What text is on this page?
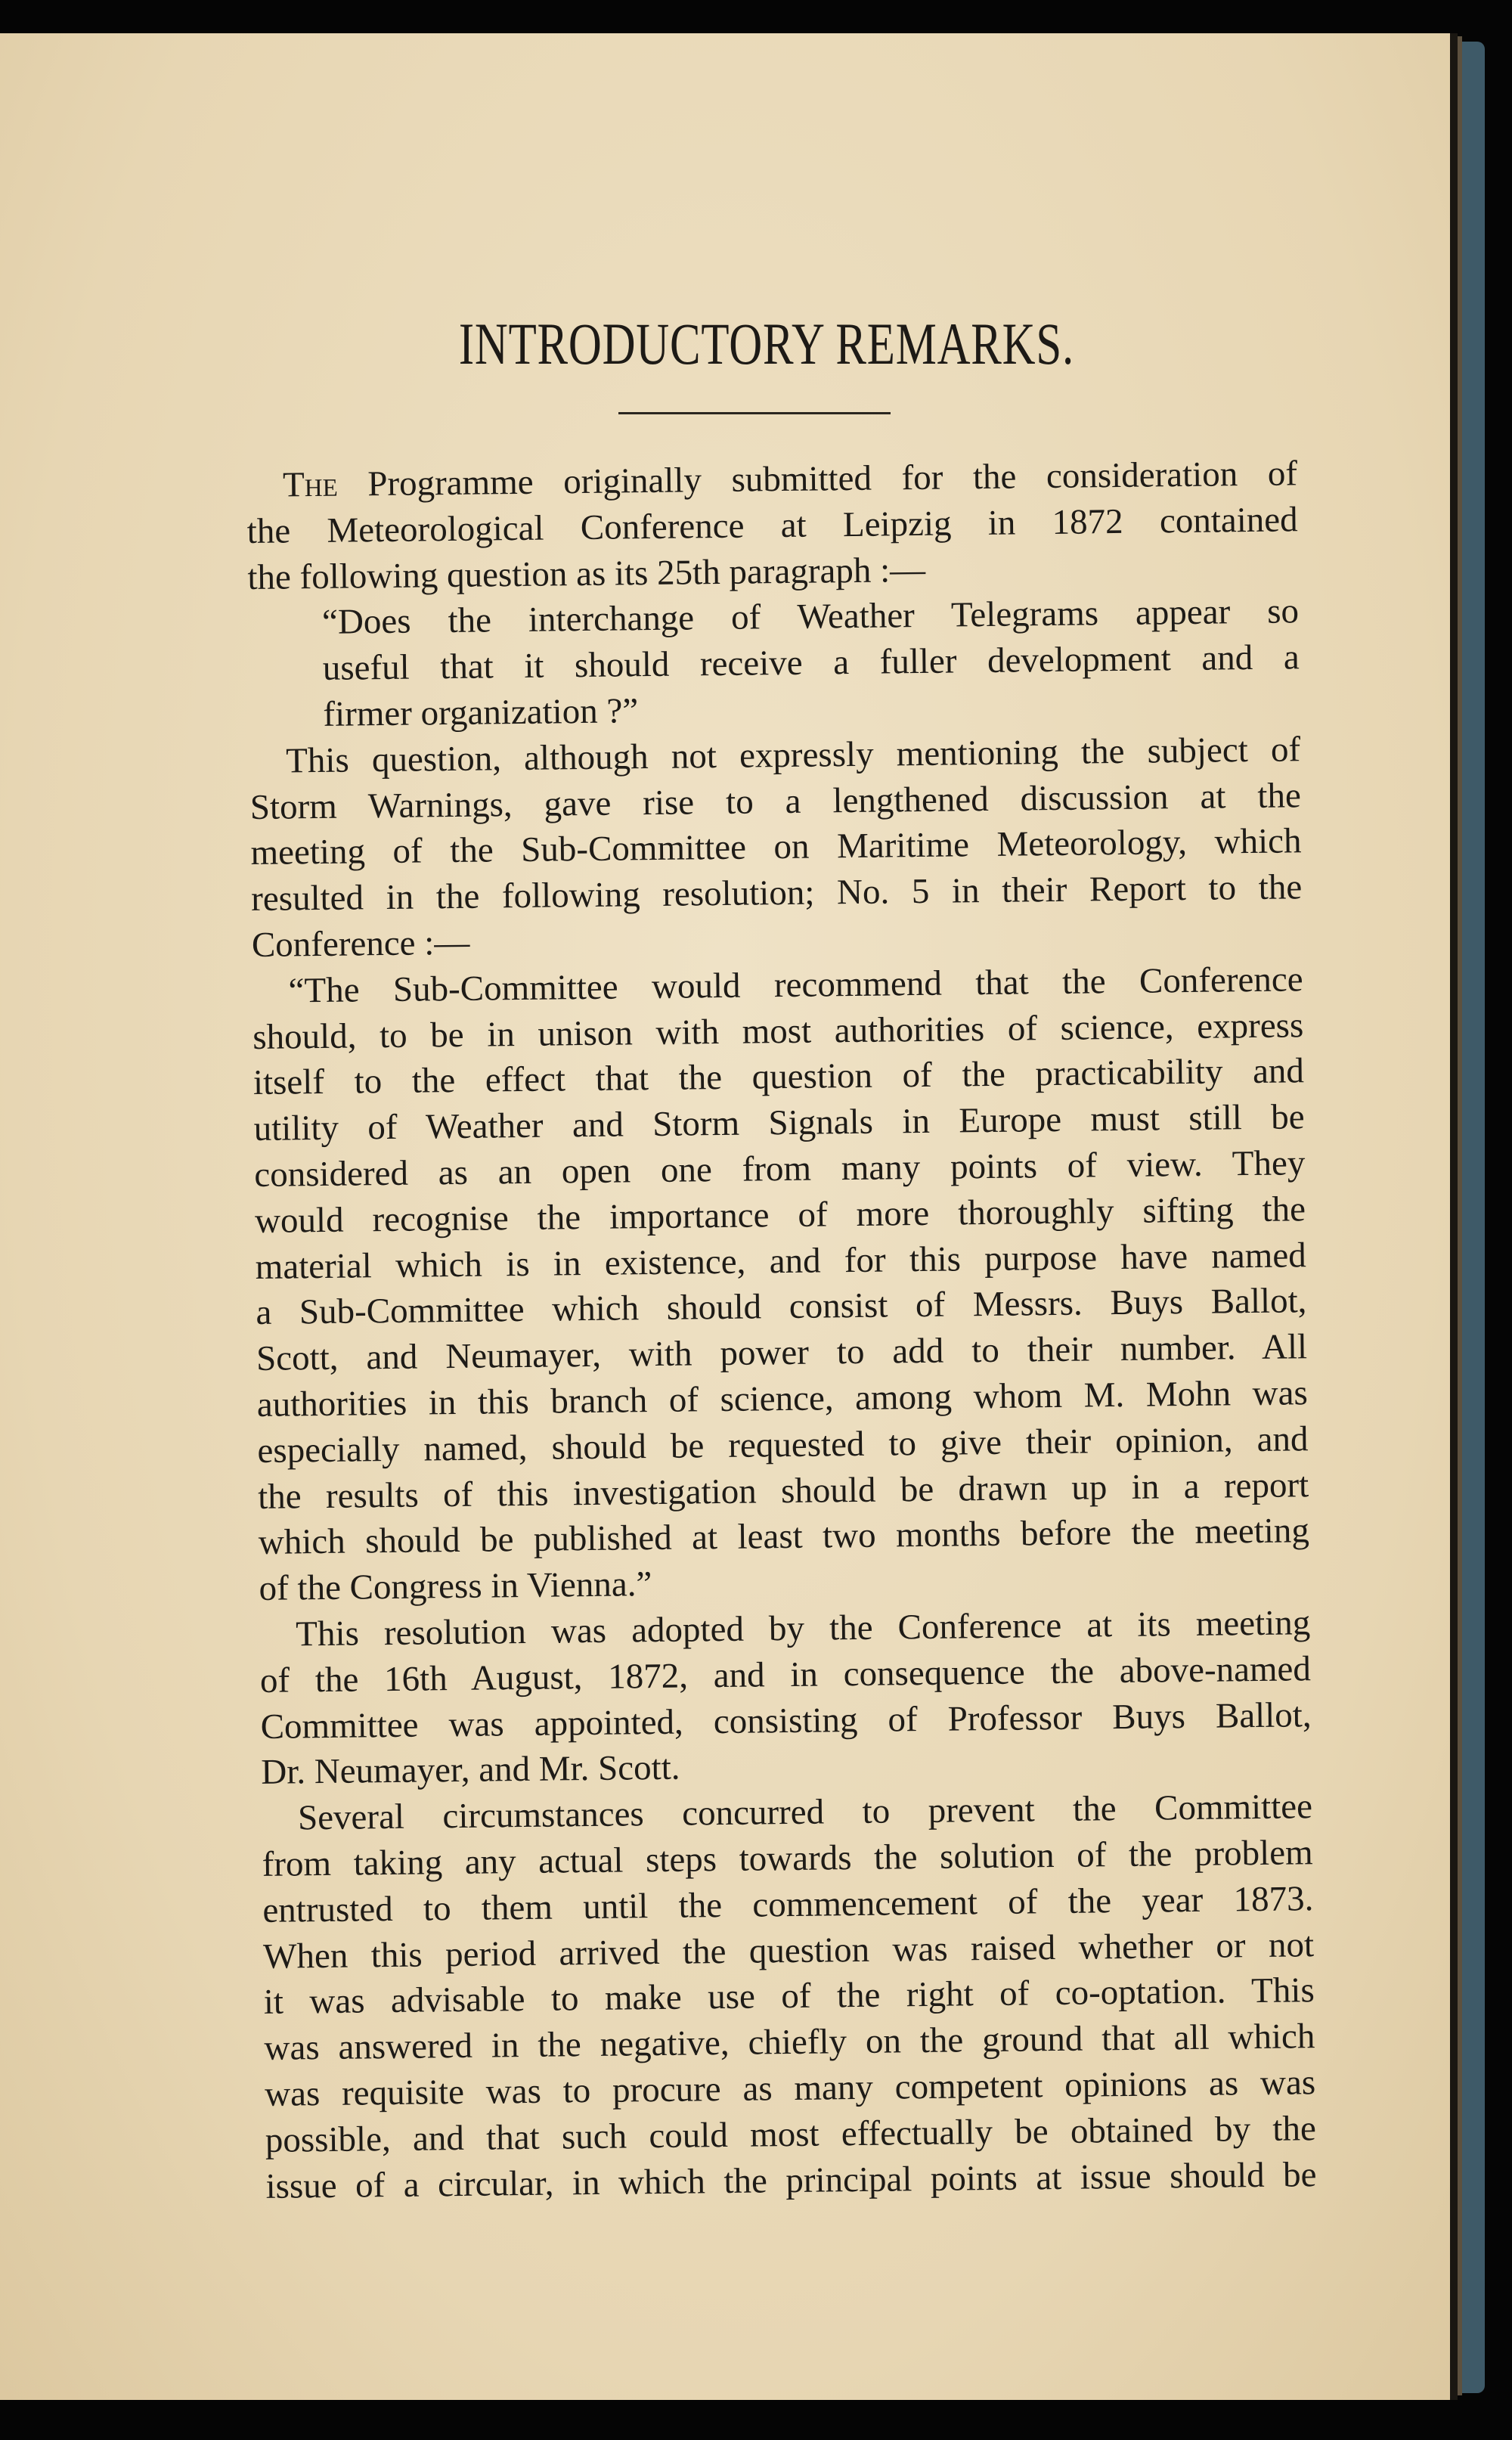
INTRODUCTORY REMARKS.
The Programme originally submitted for the consideration of
the Meteorological Conference at Leipzig in 1872 contained
the following question as its 25th paragraph :—
“Does the interchange of Weather Telegrams appear so
useful that it should receive a fuller development and a
firmer organization ?”
This question, although not expressly mentioning the subject of
Storm Warnings, gave rise to a lengthened discussion at the
meeting of the Sub-Committee on Maritime Meteorology, which
resulted in the following resolution; No. 5 in their Report to the
Conference :—
“The Sub-Committee would recommend that the Conference
should, to be in unison with most authorities of science, express
itself to the effect that the question of the practicability and
utility of Weather and Storm Signals in Europe must still be
considered as an open one from many points of view. They
would recognise the importance of more thoroughly sifting the
material which is in existence, and for this purpose have named
a Sub-Committee which should consist of Messrs. Buys Ballot,
Scott, and Neumayer, with power to add to their number. All
authorities in this branch of science, among whom M. Mohn was
especially named, should be requested to give their opinion, and
the results of this investigation should be drawn up in a report
which should be published at least two months before the meeting
of the Congress in Vienna.”
This resolution was adopted by the Conference at its meeting
of the 16th August, 1872, and in consequence the above-named
Committee was appointed, consisting of Professor Buys Ballot,
Dr. Neumayer, and Mr. Scott.
Several circumstances concurred to prevent the Committee
from taking any actual steps towards the solution of the problem
entrusted to them until the commencement of the year 1873.
When this period arrived the question was raised whether or not
it was advisable to make use of the right of co-optation. This
was answered in the negative, chiefly on the ground that all which
was requisite was to procure as many competent opinions as was
possible, and that such could most effectually be obtained by the
issue of a circular, in which the principal points at issue should be
